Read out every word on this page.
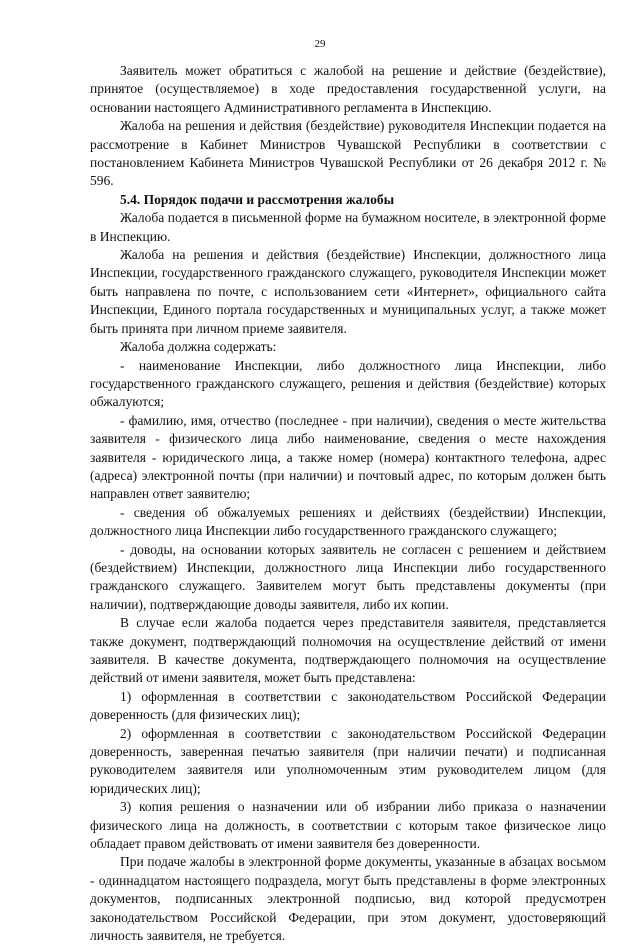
29

Заявитель может обратиться с жалобой на решение и действие (бездействие), принятое (осуществляемое) в ходе предоставления государственной услуги, на основании настоящего Административного регламента в Инспекцию.

Жалоба на решения и действия (бездействие) руководителя Инспекции подается на рассмотрение в Кабинет Министров Чувашской Республики в соответствии с постановлением Кабинета Министров Чувашской Республики от 26 декабря 2012 г. № 596.

5.4. Порядок подачи и рассмотрения жалобы

Жалоба подается в письменной форме на бумажном носителе, в электронной форме в Инспекцию.

Жалоба на решения и действия (бездействие) Инспекции, должностного лица Инспекции, государственного гражданского служащего, руководителя Инспекции может быть направлена по почте, с использованием сети «Интернет», официального сайта Инспекции, Единого портала государственных и муниципальных услуг, а также может быть принята при личном приеме заявителя.

Жалоба должна содержать:

- наименование Инспекции, либо должностного лица Инспекции, либо государственного гражданского служащего, решения и действия (бездействие) которых обжалуются;

- фамилию, имя, отчество (последнее - при наличии), сведения о месте жительства заявителя - физического лица либо наименование, сведения о месте нахождения заявителя - юридического лица, а также номер (номера) контактного телефона, адрес (адреса) электронной почты (при наличии) и почтовый адрес, по которым должен быть направлен ответ заявителю;

- сведения об обжалуемых решениях и действиях (бездействии) Инспекции, должностного лица Инспекции либо государственного гражданского служащего;

- доводы, на основании которых заявитель не согласен с решением и действием (бездействием) Инспекции, должностного лица Инспекции либо государственного гражданского служащего. Заявителем могут быть представлены документы (при наличии), подтверждающие доводы заявителя, либо их копии.

В случае если жалоба подается через представителя заявителя, представляется также документ, подтверждающий полномочия на осуществление действий от имени заявителя. В качестве документа, подтверждающего полномочия на осуществление действий от имени заявителя, может быть представлена:

1) оформленная в соответствии с законодательством Российской Федерации доверенность (для физических лиц);

2) оформленная в соответствии с законодательством Российской Федерации доверенность, заверенная печатью заявителя (при наличии печати) и подписанная руководителем заявителя или уполномоченным этим руководителем лицом (для юридических лиц);

3) копия решения о назначении или об избрании либо приказа о назначении физического лица на должность, в соответствии с которым такое физическое лицо обладает правом действовать от имени заявителя без доверенности.

При подаче жалобы в электронной форме документы, указанные в абзацах восьмом - одиннадцатом настоящего подраздела, могут быть представлены в форме электронных документов, подписанных электронной подписью, вид которой предусмотрен законодательством Российской Федерации, при этом документ, удостоверяющий личность заявителя, не требуется.
